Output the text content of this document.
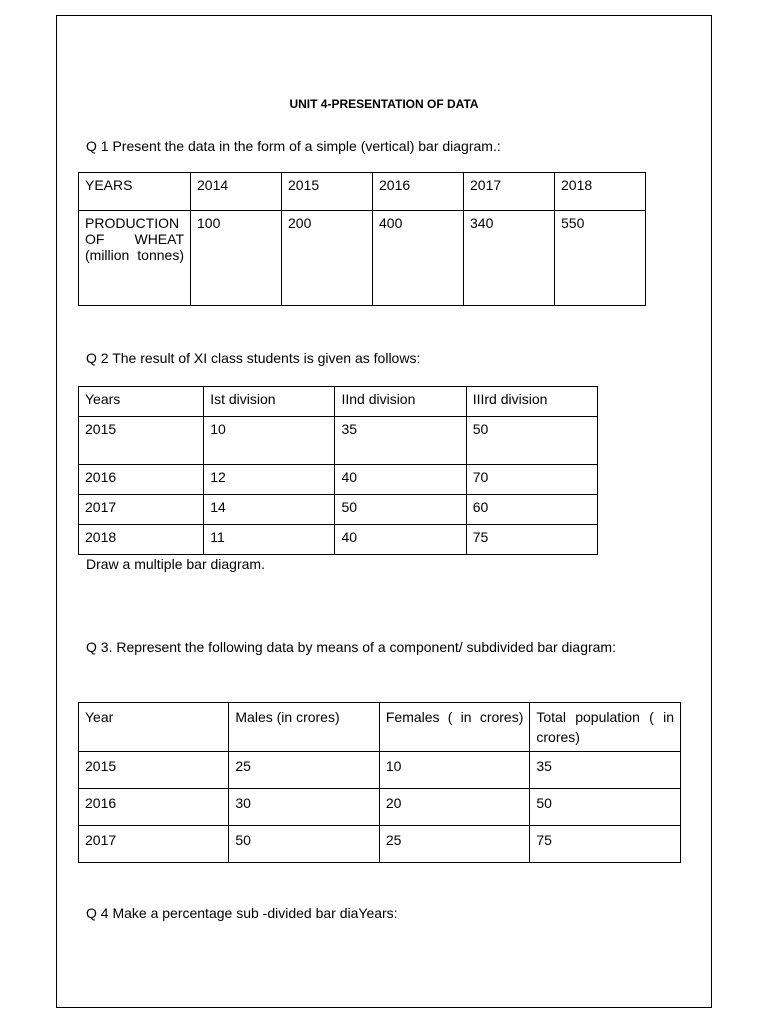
UNIT 4-PRESENTATION OF DATA
Q 1 Present the data in the form of a simple (vertical) bar diagram.:
YEARS	2014	2015	2016	2017	2018
PRODUCTION OF WHEAT (million tonnes)	100	200	400	340	550
Q 2 The result of XI class students is given as follows:
Years	Ist division	IInd division	IIIrd division
2015	10	35	50
2016	12	40	70
2017	14	50	60
2018	11	40	75
Draw a multiple bar diagram.
Q 3. Represent the following data by means of a component/ subdivided bar diagram:
Year	Males (in crores)	Females ( in crores)	Total population ( in crores)
2015	25	10	35
2016	30	20	50
2017	50	25	75
Q 4 Make a percentage sub -divided bar diaYears:
